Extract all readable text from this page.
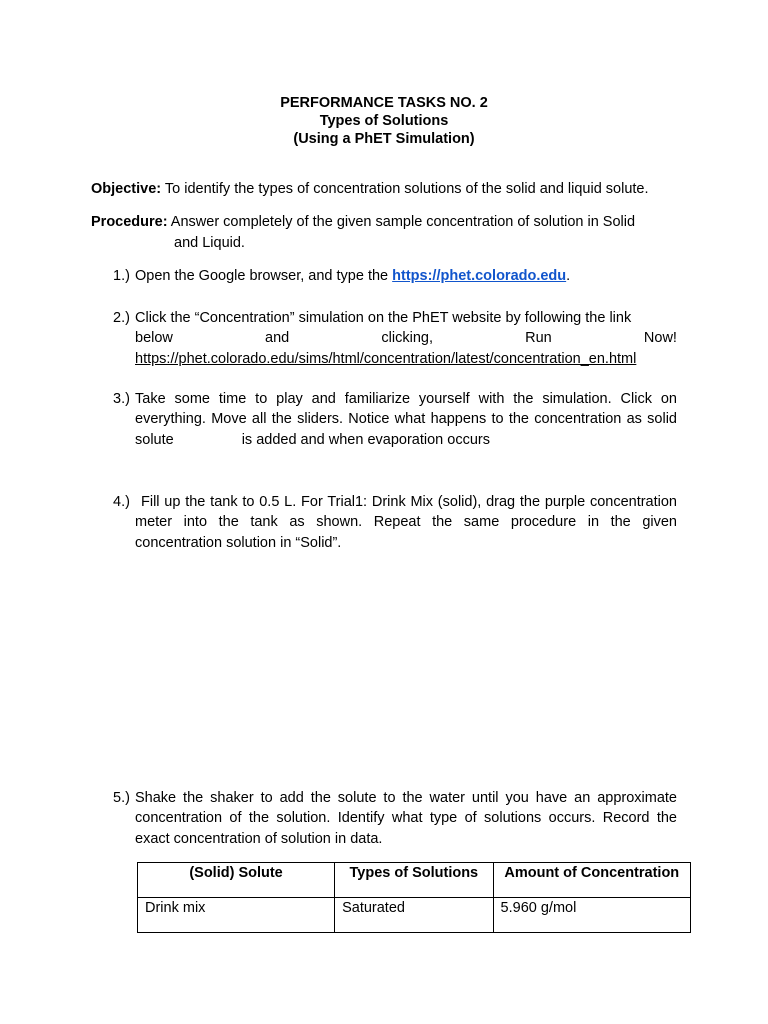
PERFORMANCE TASKS NO. 2
Types of Solutions
(Using a PhET Simulation)
Objective: To identify the types of concentration solutions of the solid and liquid solute.
Procedure: Answer completely of the given sample concentration of solution in Solid
and Liquid.
1.) Open the Google browser, and type the https://phet.colorado.edu.
2.) Click the “Concentration” simulation on the PhET website by following the link
below	and	clicking,	Run	Now!
https://phet.colorado.edu/sims/html/concentration/latest/concentration_en.html
3.) Take some time to play and familiarize yourself with the simulation. Click on everything. Move all the sliders. Notice what happens to the concentration as solid solute	is added and when evaporation occurs
4.) Fill up the tank to 0.5 L. For Trial1: Drink Mix (solid), drag the purple concentration meter into the tank as shown. Repeat the same procedure in the given concentration solution in “Solid”.
5.) Shake the shaker to add the solute to the water until you have an approximate concentration of the solution. Identify what type of solutions occurs. Record the exact concentration of solution in data.
(Solid) Solute	Types of Solutions	Amount of Concentration
Drink mix	Saturated	5.960 g/mol
